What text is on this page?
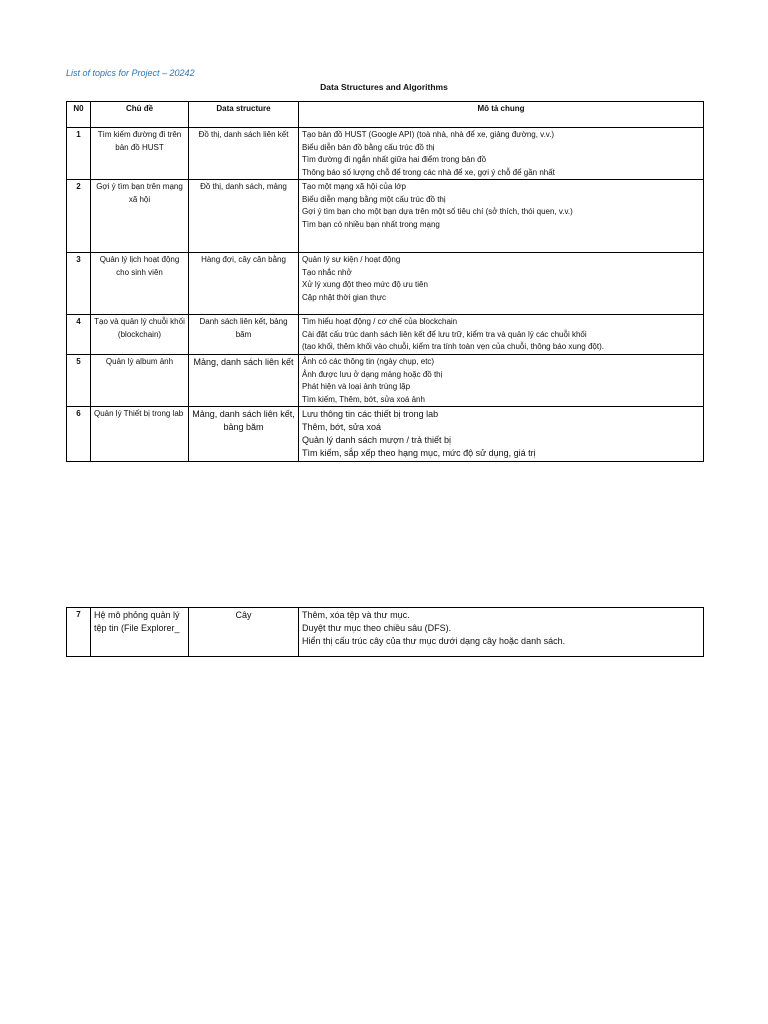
List of topics for Project – 20242
Data Structures and Algorithms
N0	Chủ đề	Data structure	Mô tả chung
1	Tìm kiếm đường đi trên bản đồ HUST	Đồ thị, danh sách liên kết	Tạo bản đồ HUST (Google API) (toà nhà, nhà để xe, giảng đường, v.v.)
Biểu diễn bản đồ bằng cấu trúc đồ thị
Tìm đường đi ngắn nhất giữa hai điểm trong bản đồ
Thông báo số lượng chỗ để trong các nhà để xe, gợi ý chỗ để gần nhất

2	Gợi ý tìm bạn trên mạng xã hội	Đồ thị, danh sách, mảng	Tạo một mạng xã hội của lớp
Biểu diễn mạng bằng một cấu trúc đồ thị
Gợi ý tìm bạn cho một bạn dựa trên một số tiêu chí (sở thích, thói quen, v.v.)
Tìm bạn có nhiều bạn nhất trong mạng

3	Quản lý lịch hoạt động cho sinh viên	Hàng đợi, cây cân bằng	Quản lý sự kiện / hoạt động
Tạo nhắc nhở
Xử lý xung đột theo mức độ ưu tiên
Cập nhật thời gian thực

4	Tạo và quản lý chuỗi khối (blockchain)	Danh sách liên kết, bảng băm	Tìm hiểu hoạt động / cơ chế của blockchain
Cài đặt cấu trúc danh sách liên kết để lưu trữ, kiểm tra và quản lý các chuỗi khối
(tạo khối, thêm khối vào chuỗi, kiểm tra tính toàn vẹn của chuỗi, thông báo xung đột).

5	Quản lý album ảnh	Mảng, danh sách liên kết	Ảnh có các thông tin (ngày chụp, etc)
Ảnh được lưu ở dạng mảng hoặc đồ thị
Phát hiện và loại ảnh trùng lặp
Tìm kiếm, Thêm, bớt, sửa xoá ảnh

6	Quản lý Thiết bị trong lab	Mảng, danh sách liên kết, bảng băm	Lưu thông tin các thiết bị trong lab
Thêm, bớt, sửa xoá
Quản lý danh sách mượn / trả thiết bị
Tìm kiếm, sắp xếp theo hạng mục, mức độ sử dụng, giá trị
7	Hệ mô phỏng quản lý tệp tin (File Explorer_	Cây	Thêm, xóa tệp và thư mục.
Duyệt thư mục theo chiều sâu (DFS).
Hiển thị cấu trúc cây của thư mục dưới dạng cây hoặc danh sách.
